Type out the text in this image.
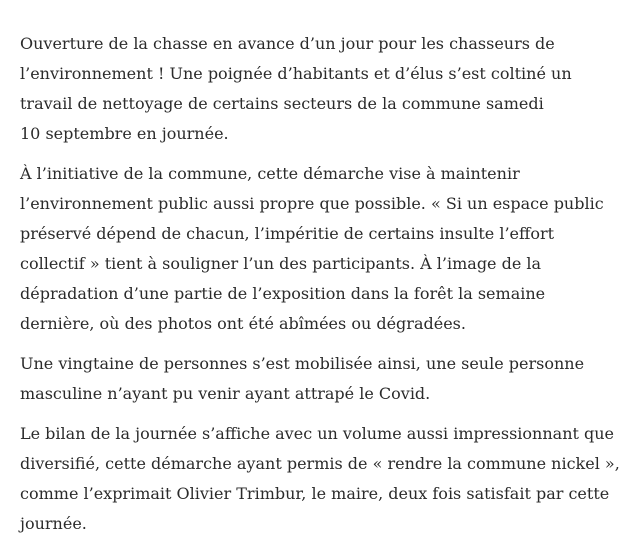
Ouverture de la chasse en avance d’un jour pour les chasseurs de
l’environnement ! Une poignée d’habitants et d’élus s’est coltiné un
travail de nettoyage de certains secteurs de la commune samedi
10 septembre en journée.

À l’initiative de la commune, cette démarche vise à maintenir
l’environnement public aussi propre que possible. « Si un espace public
préservé dépend de chacun, l’impéritie de certains insulte l’effort
collectif » tient à souligner l’un des participants. À l’image de la
dépradation d’une partie de l’exposition dans la forêt la semaine
dernière, où des photos ont été abîmées ou dégradées.

Une vingtaine de personnes s’est mobilisée ainsi, une seule personne
masculine n’ayant pu venir ayant attrapé le Covid.

Le bilan de la journée s’affiche avec un volume aussi impressionnant que
diversifié, cette démarche ayant permis de « rendre la commune nickel »,
comme l’exprimait Olivier Trimbur, le maire, deux fois satisfait par cette
journée.
